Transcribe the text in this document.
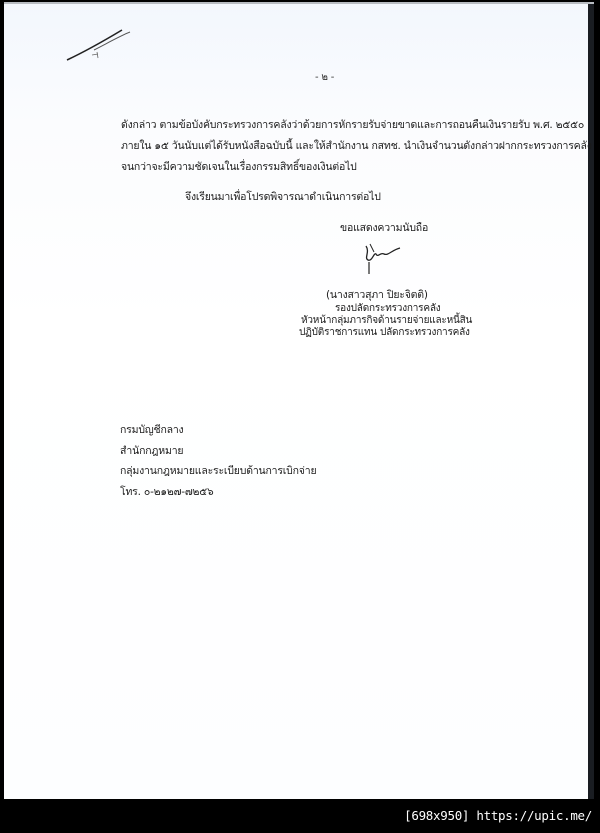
- ๒ -
ดังกล่าว ตามข้อบังคับกระทรวงการคลังว่าด้วยการหักรายรับจ่ายขาดและการถอนคืนเงินรายรับ พ.ศ. ๒๕๕๐
ภายใน ๑๕ วันนับแต่ได้รับหนังสือฉบับนี้ และให้สำนักงาน กสทช. นำเงินจำนวนดังกล่าวฝากกระทรวงการคลัง
จนกว่าจะมีความชัดเจนในเรื่องกรรมสิทธิ์ของเงินต่อไป
จึงเรียนมาเพื่อโปรดพิจารณาดำเนินการต่อไป
ขอแสดงความนับถือ
(นางสาวสุภา ปิยะจิตติ)
รองปลัดกระทรวงการคลัง
หัวหน้ากลุ่มภารกิจด้านรายจ่ายและหนี้สิน
ปฏิบัติราชการแทน ปลัดกระทรวงการคลัง
กรมบัญชีกลาง
สำนักกฎหมาย
กลุ่มงานกฎหมายและระเบียบด้านการเบิกจ่าย
โทร. ๐-๒๑๒๗-๗๒๕๖
[698x950] https://upic.me/
